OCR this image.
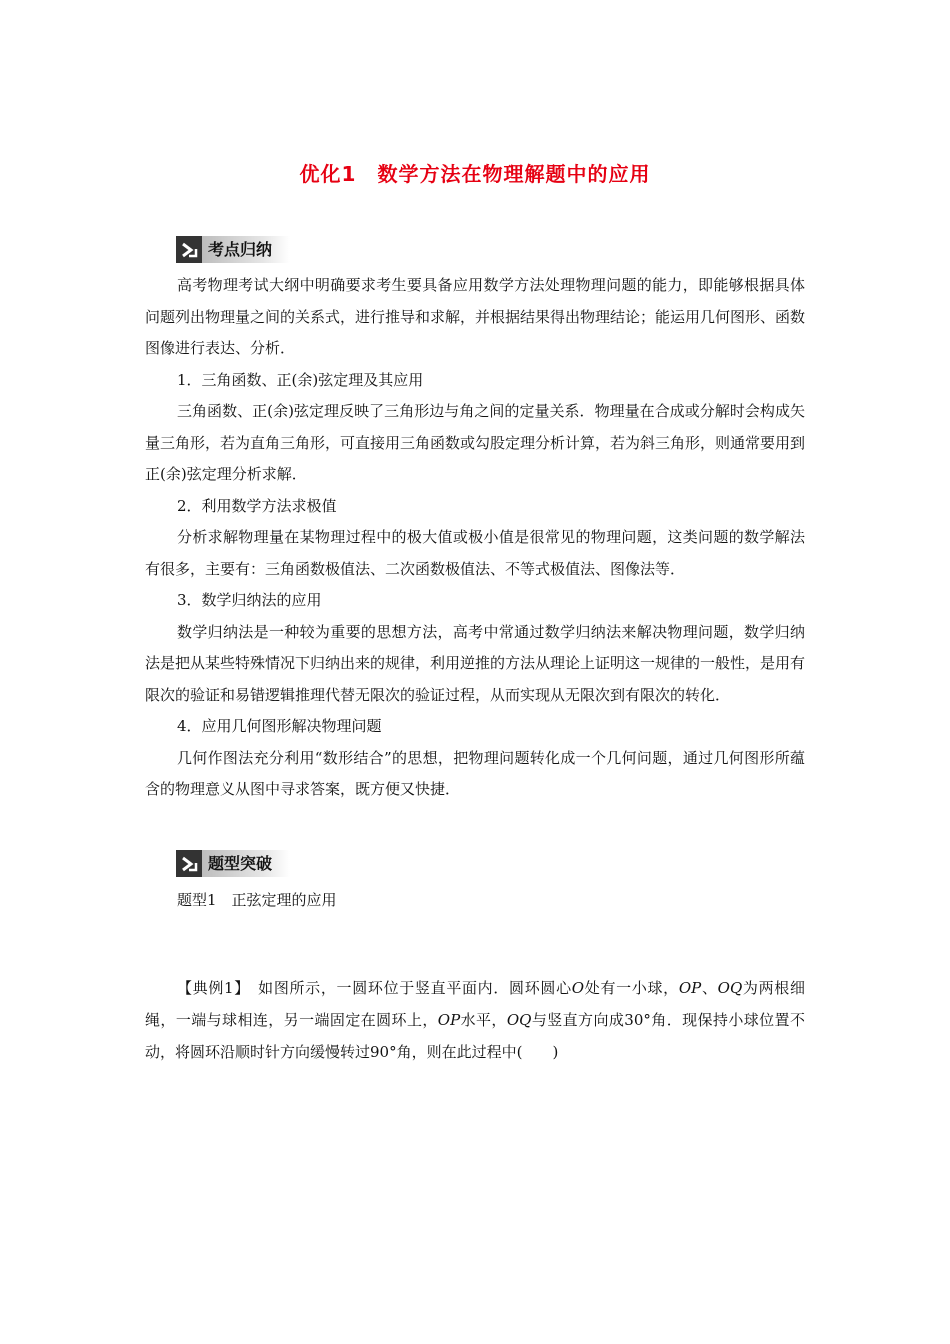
优化1　数学方法在物理解题中的应用
考点归纳

高考物理考试大纲中明确要求考生要具备应用数学方法处理物理问题的能力，即能够根据具体问题列出物理量之间的关系式，进行推导和求解，并根据结果得出物理结论；能运用几何图形、函数图像进行表达、分析．

1．三角函数、正(余)弦定理及其应用

三角函数、正(余)弦定理反映了三角形边与角之间的定量关系．物理量在合成或分解时会构成矢量三角形，若为直角三角形，可直接用三角函数或勾股定理分析计算，若为斜三角形，则通常要用到正(余)弦定理分析求解．

2．利用数学方法求极值

分析求解物理量在某物理过程中的极大值或极小值是很常见的物理问题，这类问题的数学解法有很多，主要有：三角函数极值法、二次函数极值法、不等式极值法、图像法等．

3．数学归纳法的应用

数学归纳法是一种较为重要的思想方法，高考中常通过数学归纳法来解决物理问题，数学归纳法是把从某些特殊情况下归纳出来的规律，利用逆推的方法从理论上证明这一规律的一般性，是用有限次的验证和易错逻辑推理代替无限次的验证过程，从而实现从无限次到有限次的转化．

4．应用几何图形解决物理问题

几何作图法充分利用“数形结合”的思想，把物理问题转化成一个几何问题，通过几何图形所蕴含的物理意义从图中寻求答案，既方便又快捷．

题型突破

题型1　正弦定理的应用

【典例1】　如图所示，一圆环位于竖直平面内．圆环圆心O处有一小球，OP、OQ为两根细绳，一端与球相连，另一端固定在圆环上，OP水平，OQ与竖直方向成30°角．现保持小球位置不动，将圆环沿顺时针方向缓慢转过90°角，则在此过程中(　　)
